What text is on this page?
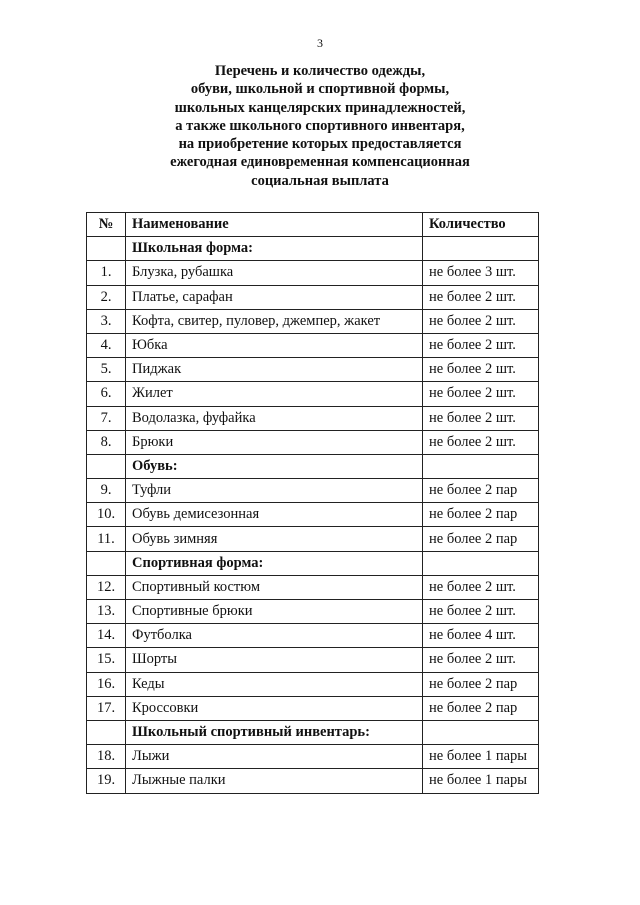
3
Перечень и количество одежды,
обуви, школьной и спортивной формы,
школьных канцелярских принадлежностей,
а также школьного спортивного инвентаря,
на приобретение которых предоставляется
ежегодная единовременная компенсационная
социальная выплата
№	Наименование	Количество
	Школьная форма:	
1.	Блузка, рубашка	не более 3 шт.
2.	Платье, сарафан	не более 2 шт.
3.	Кофта, свитер, пуловер, джемпер, жакет	не более 2 шт.
4.	Юбка	не более 2 шт.
5.	Пиджак	не более 2 шт.
6.	Жилет	не более 2 шт.
7.	Водолазка, фуфайка	не более 2 шт.
8.	Брюки	не более 2 шт.
	Обувь:	
9.	Туфли	не более 2 пар
10.	Обувь демисезонная	не более 2 пар
11.	Обувь зимняя	не более 2 пар
	Спортивная форма:	
12.	Спортивный костюм	не более 2 шт.
13.	Спортивные брюки	не более 2 шт.
14.	Футболка	не более 4 шт.
15.	Шорты	не более 2 шт.
16.	Кеды	не более 2 пар
17.	Кроссовки	не более 2 пар
	Школьный спортивный инвентарь:	
18.	Лыжи	не более 1 пары
19.	Лыжные палки	не более 1 пары
